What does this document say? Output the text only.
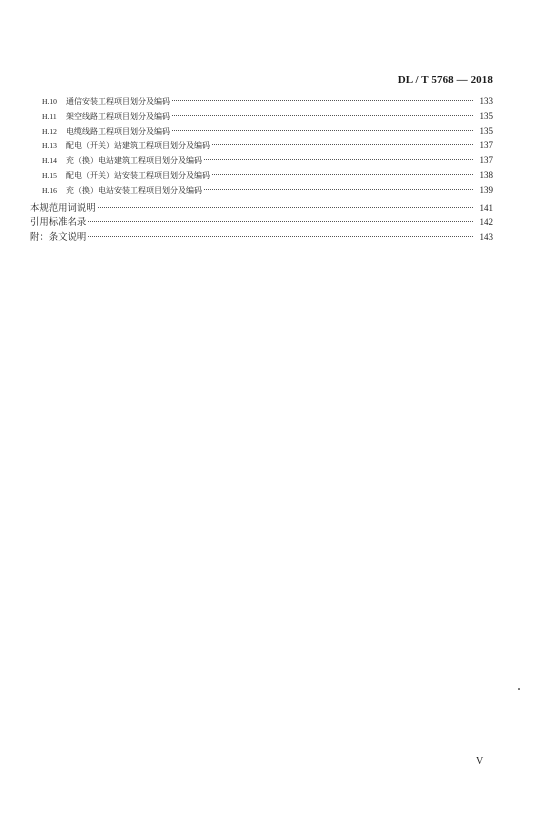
DL / T 5768 — 2018
H.10	通信安装工程项目划分及编码	133
H.11	架空线路工程项目划分及编码	135
H.12	电缆线路工程项目划分及编码	135
H.13	配电（开关）站建筑工程项目划分及编码	137
H.14	充（换）电站建筑工程项目划分及编码	137
H.15	配电（开关）站安装工程项目划分及编码	138
H.16	充（换）电站安装工程项目划分及编码	139
本规范用词说明	141
引用标准名录	142
附：条文说明	143
V
